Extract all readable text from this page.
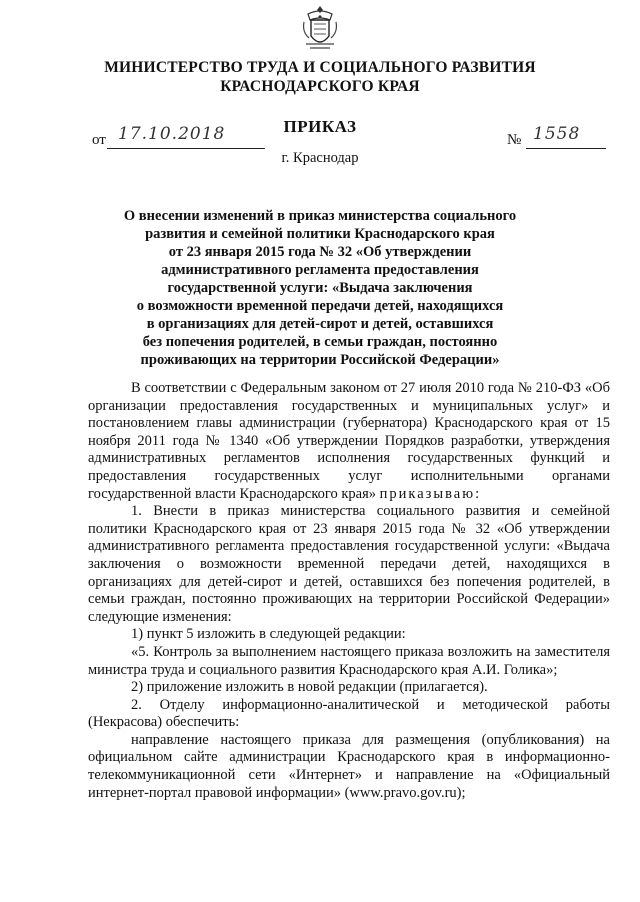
МИНИСТЕРСТВО ТРУДА И СОЦИАЛЬНОГО РАЗВИТИЯ
КРАСНОДАРСКОГО КРАЯ
ПРИКАЗ
от 17.10.2018	№ 1558
г. Краснодар
О внесении изменений в приказ министерства социального
развития и семейной политики Краснодарского края
от 23 января 2015 года № 32 «Об утверждении
административного регламента предоставления
государственной услуги: «Выдача заключения
о возможности временной передачи детей, находящихся
в организациях для детей-сирот и детей, оставшихся
без попечения родителей, в семьи граждан, постоянно
проживающих на территории Российской Федерации»

В соответствии с Федеральным законом от 27 июля 2010 года № 210-ФЗ «Об организации предоставления государственных и муниципальных услуг» и постановлением главы администрации (губернатора) Краснодарского края от 15 ноября 2011 года № 1340 «Об утверждении Порядков разработки, утверждения административных регламентов исполнения государственных функций и предоставления государственных услуг исполнительными органами государственной власти Краснодарского края» приказываю:

1. Внести в приказ министерства социального развития и семейной политики Краснодарского края от 23 января 2015 года № 32 «Об утверждении административного регламента предоставления государственной услуги: «Выдача заключения о возможности временной передачи детей, находящихся в организациях для детей-сирот и детей, оставшихся без попечения родителей, в семьи граждан, постоянно проживающих на территории Российской Федерации» следующие изменения:

1) пункт 5 изложить в следующей редакции:

«5. Контроль за выполнением настоящего приказа возложить на заместителя министра труда и социального развития Краснодарского края А.И. Голика»;

2) приложение изложить в новой редакции (прилагается).

2. Отделу информационно-аналитической и методической работы (Некрасова) обеспечить:

направление настоящего приказа для размещения (опубликования) на официальном сайте администрации Краснодарского края в информационно-телекоммуникационной сети «Интернет» и направление на «Официальный интернет-портал правовой информации» (www.pravo.gov.ru);
